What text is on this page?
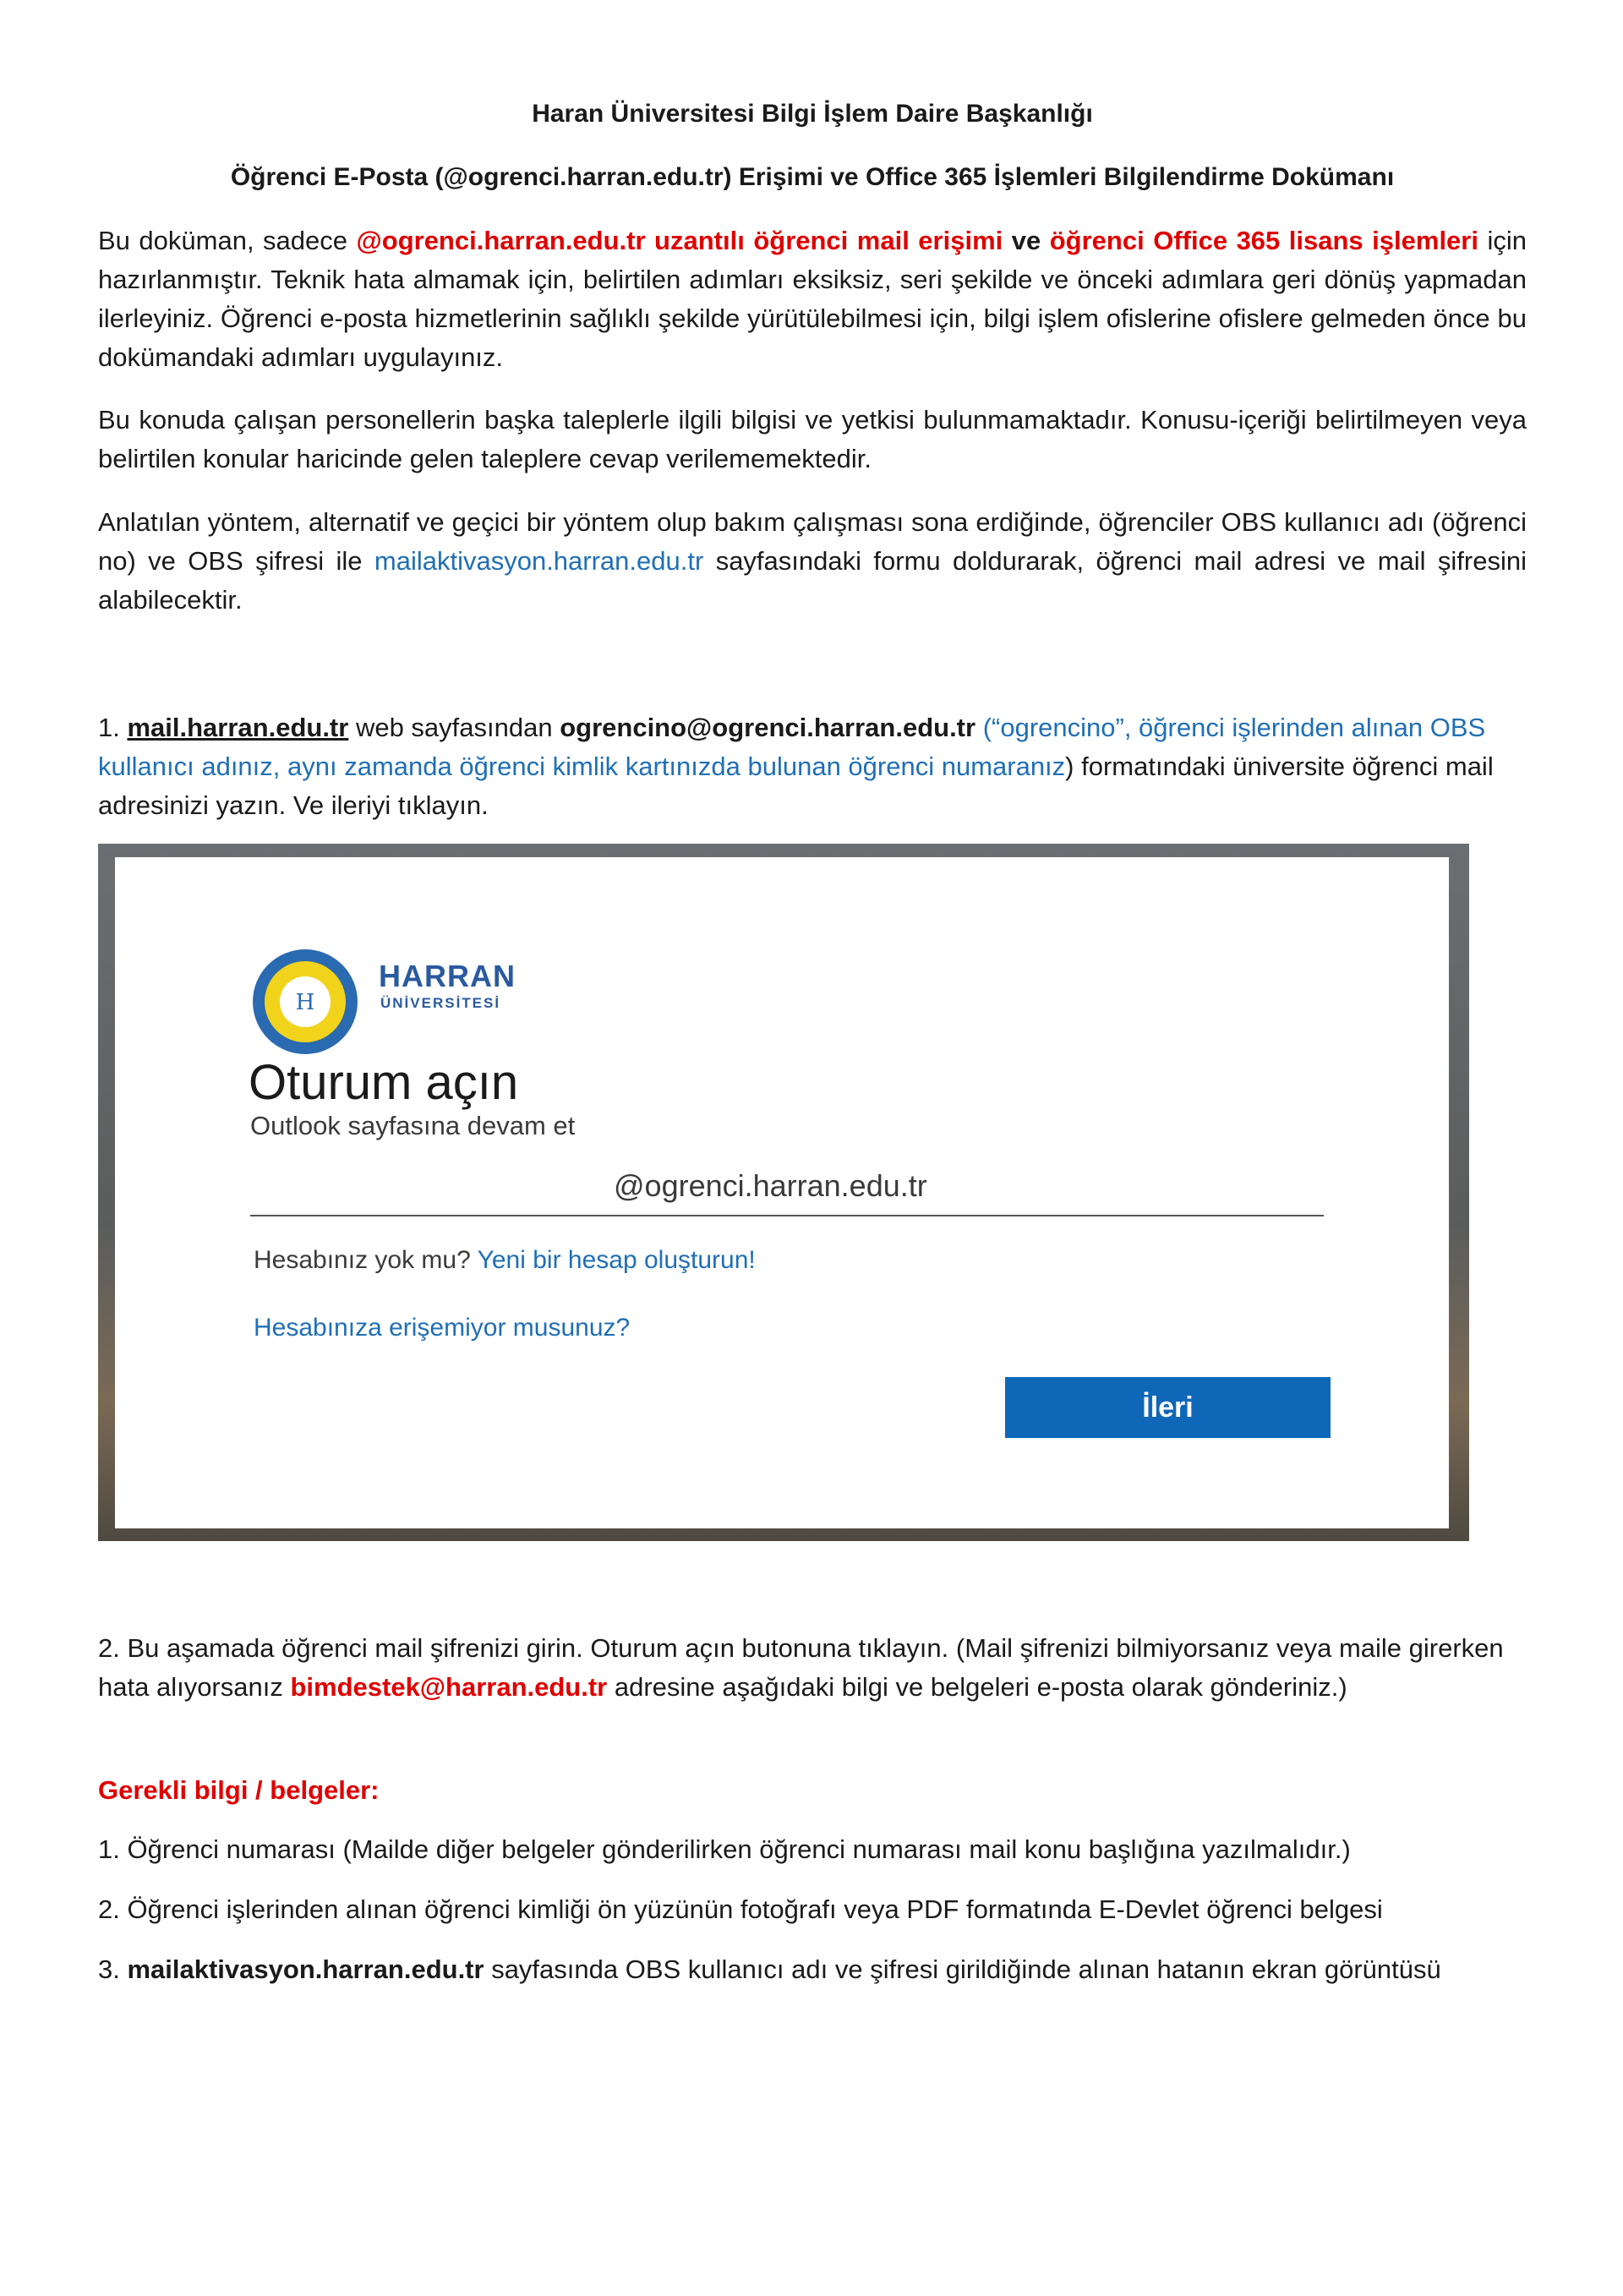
Haran Üniversitesi Bilgi İşlem Daire Başkanlığı
Öğrenci E-Posta (@ogrenci.harran.edu.tr) Erişimi ve Office 365 İşlemleri Bilgilendirme Dokümanı

Bu doküman, sadece @ogrenci.harran.edu.tr uzantılı öğrenci mail erişimi ve öğrenci Office 365 lisans işlemleri için hazırlanmıştır. Teknik hata almamak için, belirtilen adımları eksiksiz, seri şekilde ve önceki adımlara geri dönüş yapmadan ilerleyiniz. Öğrenci e-posta hizmetlerinin sağlıklı şekilde yürütülebilmesi için, bilgi işlem ofislerine ofislere gelmeden önce bu dokümandaki adımları uygulayınız.

Bu konuda çalışan personellerin başka taleplerle ilgili bilgisi ve yetkisi bulunmamaktadır. Konusu-içeriği belirtilmeyen veya belirtilen konular haricinde gelen taleplere cevap verilememektedir.

Anlatılan yöntem, alternatif ve geçici bir yöntem olup bakım çalışması sona erdiğinde, öğrenciler OBS kullanıcı adı (öğrenci no) ve OBS şifresi ile mailaktivasyon.harran.edu.tr sayfasındaki formu doldurarak, öğrenci mail adresi ve mail şifresini alabilecektir.

1. mail.harran.edu.tr web sayfasından ogrencino@ogrenci.harran.edu.tr (“ogrencino”, öğrenci işlerinden alınan OBS kullanıcı adınız, aynı zamanda öğrenci kimlik kartınızda bulunan öğrenci numaranız) formatındaki üniversite öğrenci mail adresinizi yazın. Ve ileriyi tıklayın.

H
HARRAN
ÜNİVERSİTESİ
Oturum açın
Outlook sayfasına devam et
@ogrenci.harran.edu.tr
Hesabınız yok mu? Yeni bir hesap oluşturun!
Hesabınıza erişemiyor musunuz?
İleri

2. Bu aşamada öğrenci mail şifrenizi girin. Oturum açın butonuna tıklayın. (Mail şifrenizi bilmiyorsanız veya maile girerken hata alıyorsanız bimdestek@harran.edu.tr adresine aşağıdaki bilgi ve belgeleri e-posta olarak gönderiniz.)

Gerekli bilgi / belgeler:

1. Öğrenci numarası (Mailde diğer belgeler gönderilirken öğrenci numarası mail konu başlığına yazılmalıdır.)

2. Öğrenci işlerinden alınan öğrenci kimliği ön yüzünün fotoğrafı veya PDF formatında E-Devlet öğrenci belgesi

3. mailaktivasyon.harran.edu.tr sayfasında OBS kullanıcı adı ve şifresi girildiğinde alınan hatanın ekran görüntüsü
